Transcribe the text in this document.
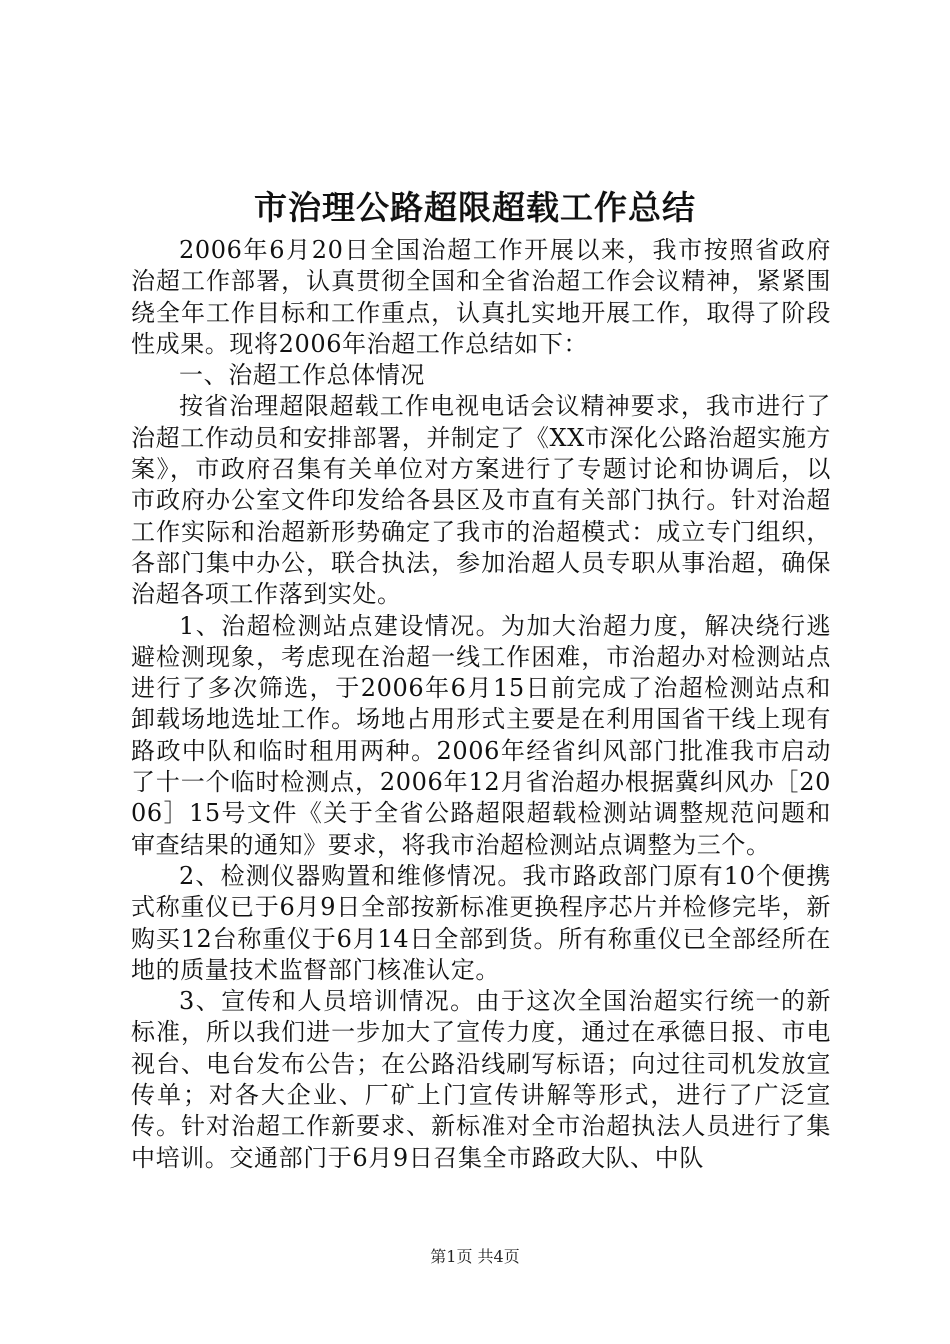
市治理公路超限超载工作总结

2006年6月20日全国治超工作开展以来，我市按照省政府治超工作部署，认真贯彻全国和全省治超工作会议精神，紧紧围绕全年工作目标和工作重点，认真扎实地开展工作，取得了阶段性成果。现将2006年治超工作总结如下：

一、治超工作总体情况

按省治理超限超载工作电视电话会议精神要求，我市进行了治超工作动员和安排部署，并制定了《XX市深化公路治超实施方案》，市政府召集有关单位对方案进行了专题讨论和协调后，以市政府办公室文件印发给各县区及市直有关部门执行。针对治超工作实际和治超新形势确定了我市的治超模式：成立专门组织，各部门集中办公，联合执法，参加治超人员专职从事治超，确保治超各项工作落到实处。

1、治超检测站点建设情况。为加大治超力度，解决绕行逃避检测现象，考虑现在治超一线工作困难，市治超办对检测站点进行了多次筛选，于2006年6月15日前完成了治超检测站点和卸载场地选址工作。场地占用形式主要是在利用国省干线上现有路政中队和临时租用两种。2006年经省纠风部门批准我市启动了十一个临时检测点，2006年12月省治超办根据冀纠风办［2006］15号文件《关于全省公路超限超载检测站调整规范问题和审查结果的通知》要求，将我市治超检测站点调整为三个。

2、检测仪器购置和维修情况。我市路政部门原有10个便携式称重仪已于6月9日全部按新标准更换程序芯片并检修完毕，新购买12台称重仪于6月14日全部到货。所有称重仪已全部经所在地的质量技术监督部门核准认定。

3、宣传和人员培训情况。由于这次全国治超实行统一的新标准，所以我们进一步加大了宣传力度，通过在承德日报、市电视台、电台发布公告；在公路沿线刷写标语；向过往司机发放宣传单；对各大企业、厂矿上门宣传讲解等形式，进行了广泛宣传。针对治超工作新要求、新标准对全市治超执法人员进行了集中培训。交通部门于6月9日召集全市路政大队、中队

第1页 共4页
